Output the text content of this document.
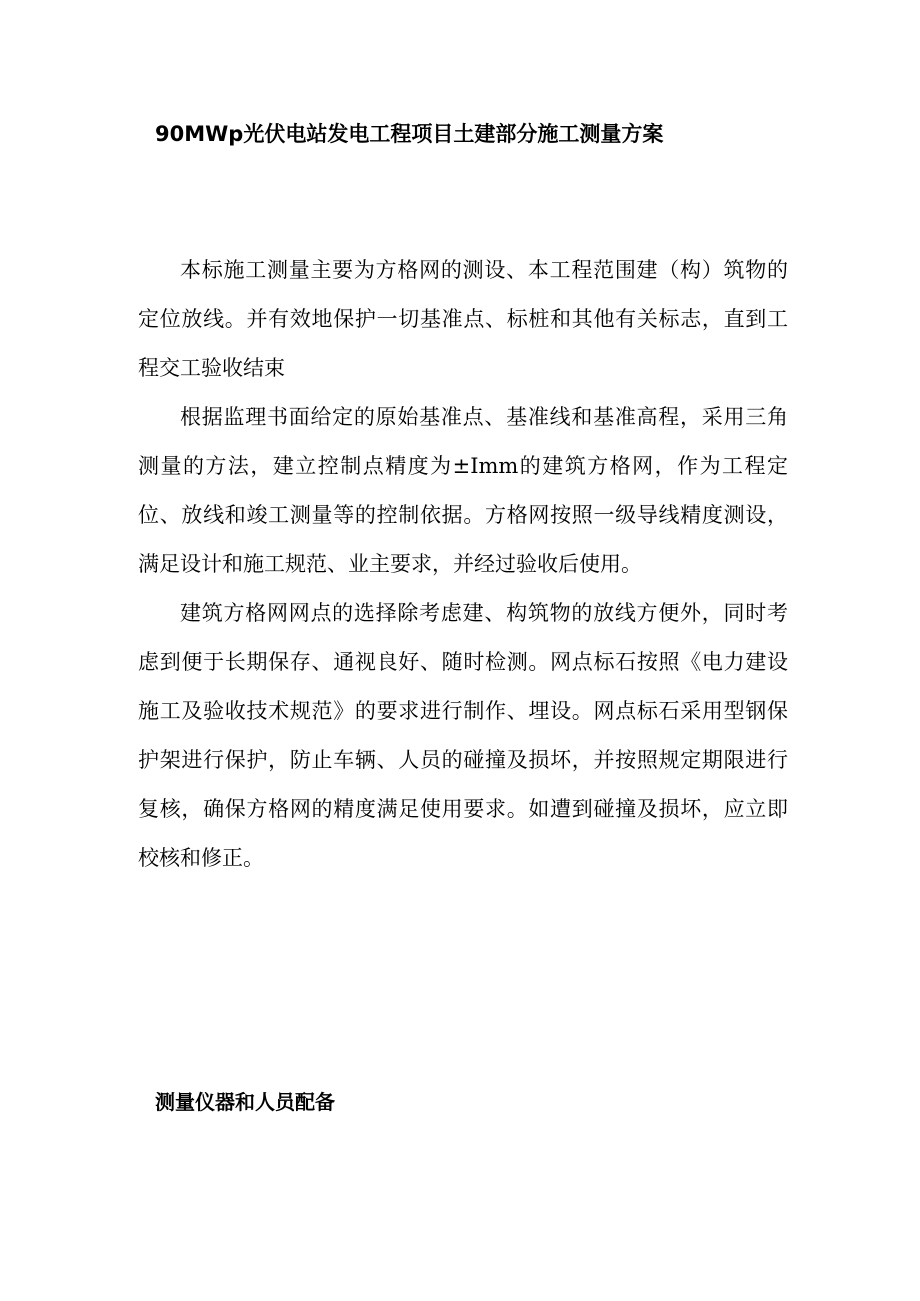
90MWp光伏电站发电工程项目土建部分施工测量方案

本标施工测量主要为方格网的测设、本工程范围建（构）筑物的定位放线。并有效地保护一切基准点、标桩和其他有关标志，直到工程交工验收结束

根据监理书面给定的原始基准点、基准线和基准高程，采用三角测量的方法，建立控制点精度为±Imm的建筑方格网，作为工程定位、放线和竣工测量等的控制依据。方格网按照一级导线精度测设，满足设计和施工规范、业主要求，并经过验收后使用。

建筑方格网网点的选择除考虑建、构筑物的放线方便外，同时考虑到便于长期保存、通视良好、随时检测。网点标石按照《电力建设施工及验收技术规范》的要求进行制作、埋设。网点标石采用型钢保护架进行保护，防止车辆、人员的碰撞及损坏，并按照规定期限进行复核，确保方格网的精度满足使用要求。如遭到碰撞及损坏，应立即校核和修正。

测量仪器和人员配备
